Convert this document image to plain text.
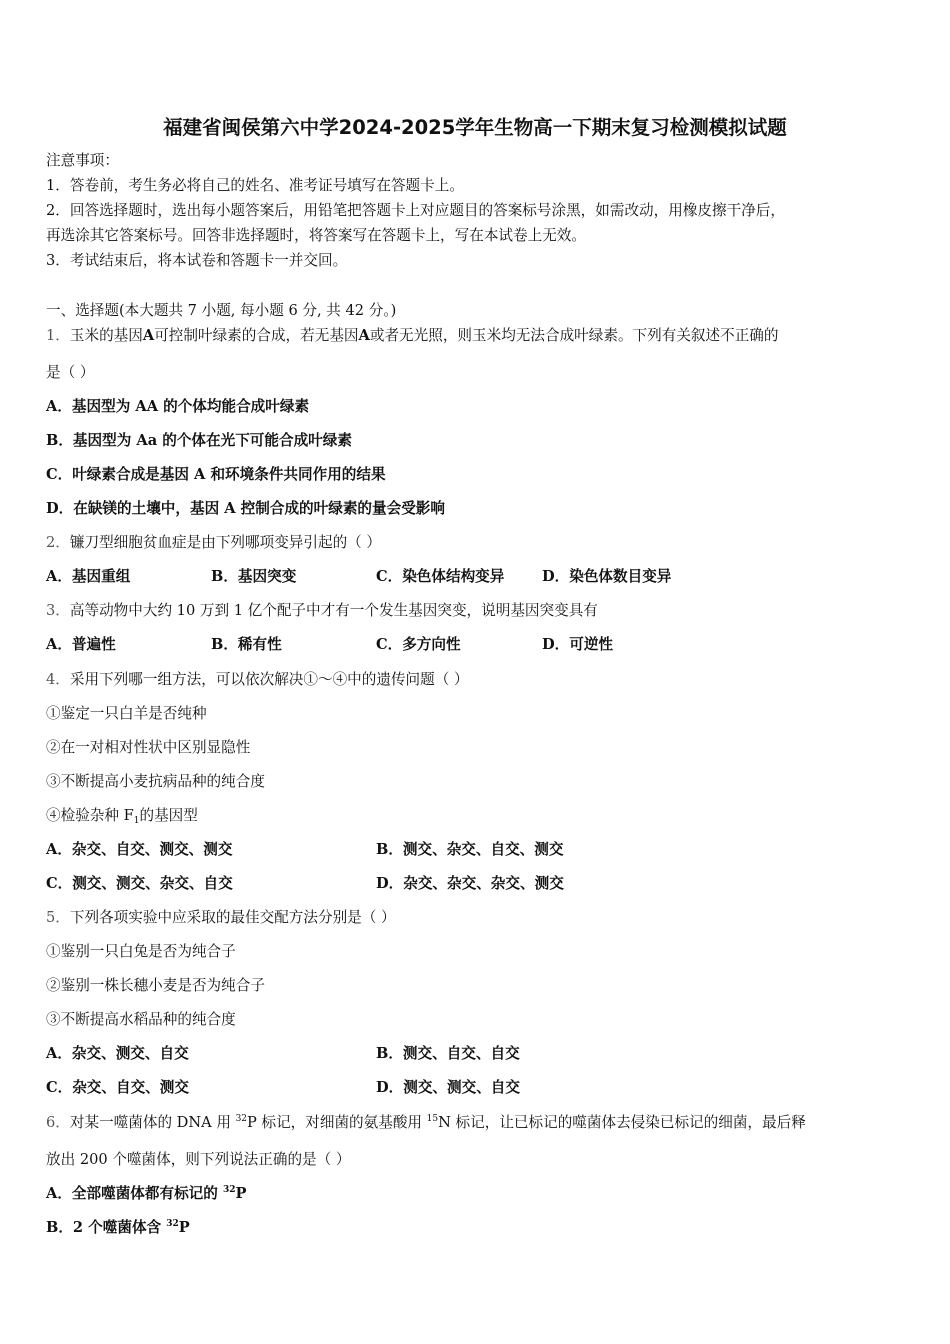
福建省闽侯第六中学2024-2025学年生物高一下期末复习检测模拟试题
注意事项：
1．答卷前，考生务必将自己的姓名、准考证号填写在答题卡上。
2．回答选择题时，选出每小题答案后，用铅笔把答题卡上对应题目的答案标号涂黑，如需改动，用橡皮擦干净后，
再选涂其它答案标号。回答非选择题时，将答案写在答题卡上，写在本试卷上无效。
3．考试结束后，将本试卷和答题卡一并交回。
一、选择题(本大题共 7 小题, 每小题 6 分, 共 42 分。)
1．玉米的基因A可控制叶绿素的合成，若无基因A或者无光照，则玉米均无法合成叶绿素。下列有关叙述不正确的
是（ ）
A．基因型为 AA 的个体均能合成叶绿素
B．基因型为 Aa 的个体在光下可能合成叶绿素
C．叶绿素合成是基因 A 和环境条件共同作用的结果
D．在缺镁的土壤中，基因 A 控制合成的叶绿素的量会受影响
2．镰刀型细胞贫血症是由下列哪项变异引起的（ ）
A．基因重组	B．基因突变	C．染色体结构变异	D．染色体数目变异
3．高等动物中大约 10 万到 1 亿个配子中才有一个发生基因突变，说明基因突变具有
A．普遍性	B．稀有性	C．多方向性	D．可逆性
4．采用下列哪一组方法，可以依次解决①～④中的遗传问题（ ）
①鉴定一只白羊是否纯种
②在一对相对性状中区别显隐性
③不断提高小麦抗病品种的纯合度
④检验杂种 $F_1$的基因型
A．杂交、自交、测交、测交	B．测交、杂交、自交、测交
C．测交、测交、杂交、自交	D．杂交、杂交、杂交、测交
5．下列各项实验中应采取的最佳交配方法分别是（ ）
①鉴别一只白兔是否为纯合子
②鉴别一株长穗小麦是否为纯合子
③不断提高水稻品种的纯合度
A．杂交、测交、自交	B．测交、自交、自交
C．杂交、自交、测交	D．测交、测交、自交
6．对某一噬菌体的 DNA 用 $^{32}$P 标记，对细菌的氨基酸用 $^{15}$N 标记，让已标记的噬菌体去侵染已标记的细菌，最后释
放出 200 个噬菌体，则下列说法正确的是（ ）
A．全部噬菌体都有标记的 $^{32}$P
B．2 个噬菌体含 $^{32}$P
